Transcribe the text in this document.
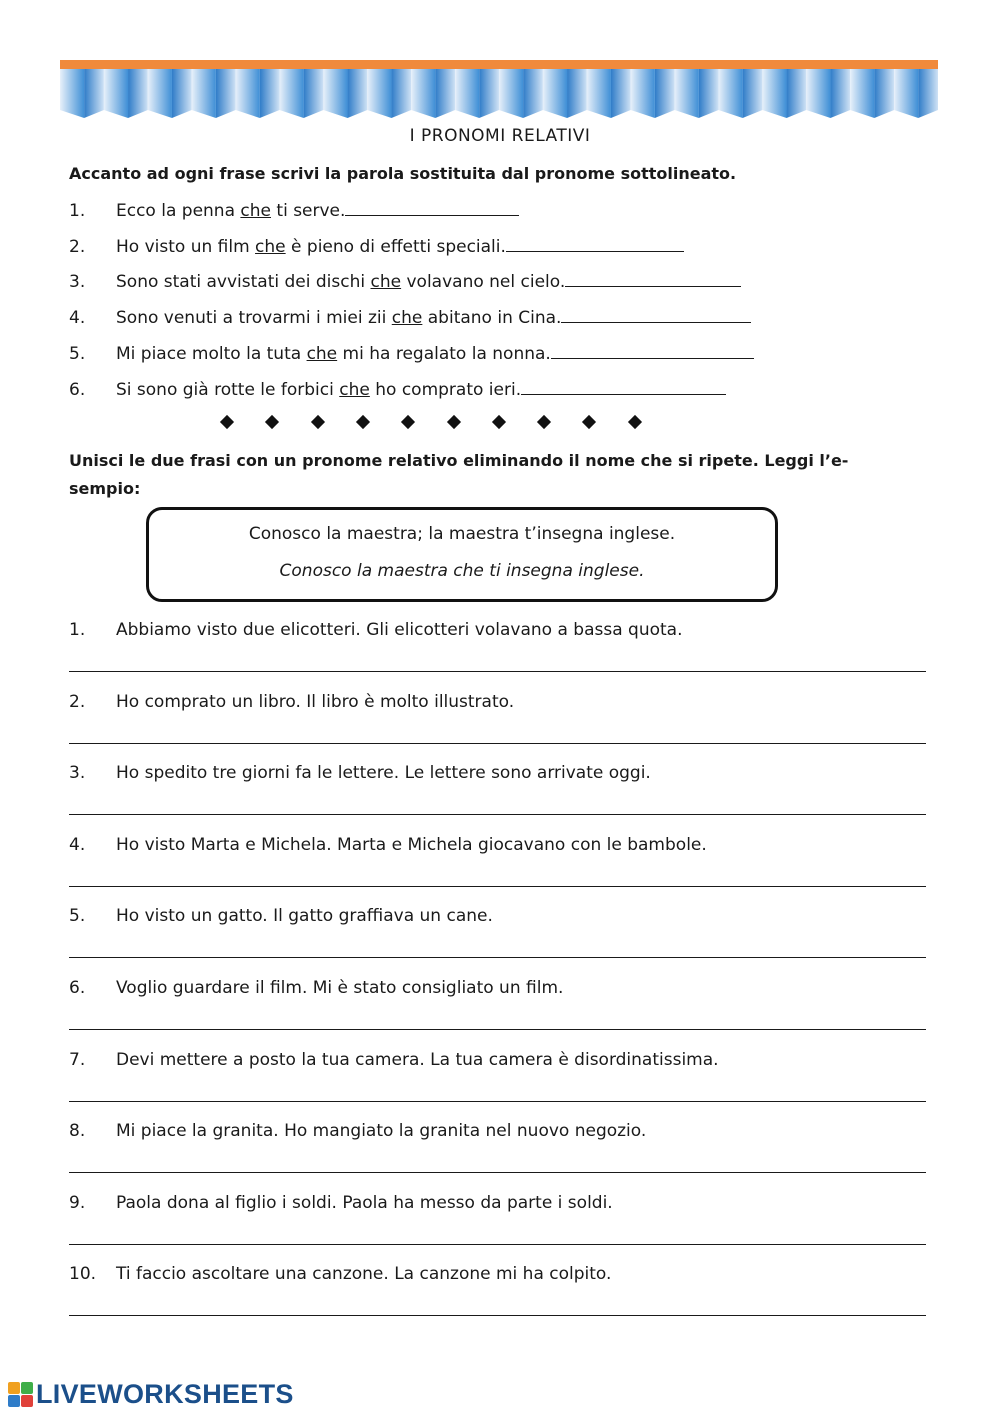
I PRONOMI RELATIVI
Accanto ad ogni frase scrivi la parola sostituita dal pronome sottolineato.
1. Ecco la penna che ti serve.
2. Ho visto un film che è pieno di effetti speciali.
3. Sono stati avvistati dei dischi che volavano nel cielo.
4. Sono venuti a trovarmi i miei zii che abitano in Cina.
5. Mi piace molto la tuta che mi ha regalato la nonna.
6. Si sono già rotte le forbici che ho comprato ieri.
Unisci le due frasi con un pronome relativo eliminando il nome che si ripete. Leggi l’e-
sempio:
Conosco la maestra; la maestra t’insegna inglese.
Conosco la maestra che ti insegna inglese.
1. Abbiamo visto due elicotteri. Gli elicotteri volavano a bassa quota.
2. Ho comprato un libro. Il libro è molto illustrato.
3. Ho spedito tre giorni fa le lettere. Le lettere sono arrivate oggi.
4. Ho visto Marta e Michela. Marta e Michela giocavano con le bambole.
5. Ho visto un gatto. Il gatto graffiava un cane.
6. Voglio guardare il film. Mi è stato consigliato un film.
7. Devi mettere a posto la tua camera. La tua camera è disordinatissima.
8. Mi piace la granita. Ho mangiato la granita nel nuovo negozio.
9. Paola dona al figlio i soldi. Paola ha messo da parte i soldi.
10. Ti faccio ascoltare una canzone. La canzone mi ha colpito.
LIVEWORKSHEETS
